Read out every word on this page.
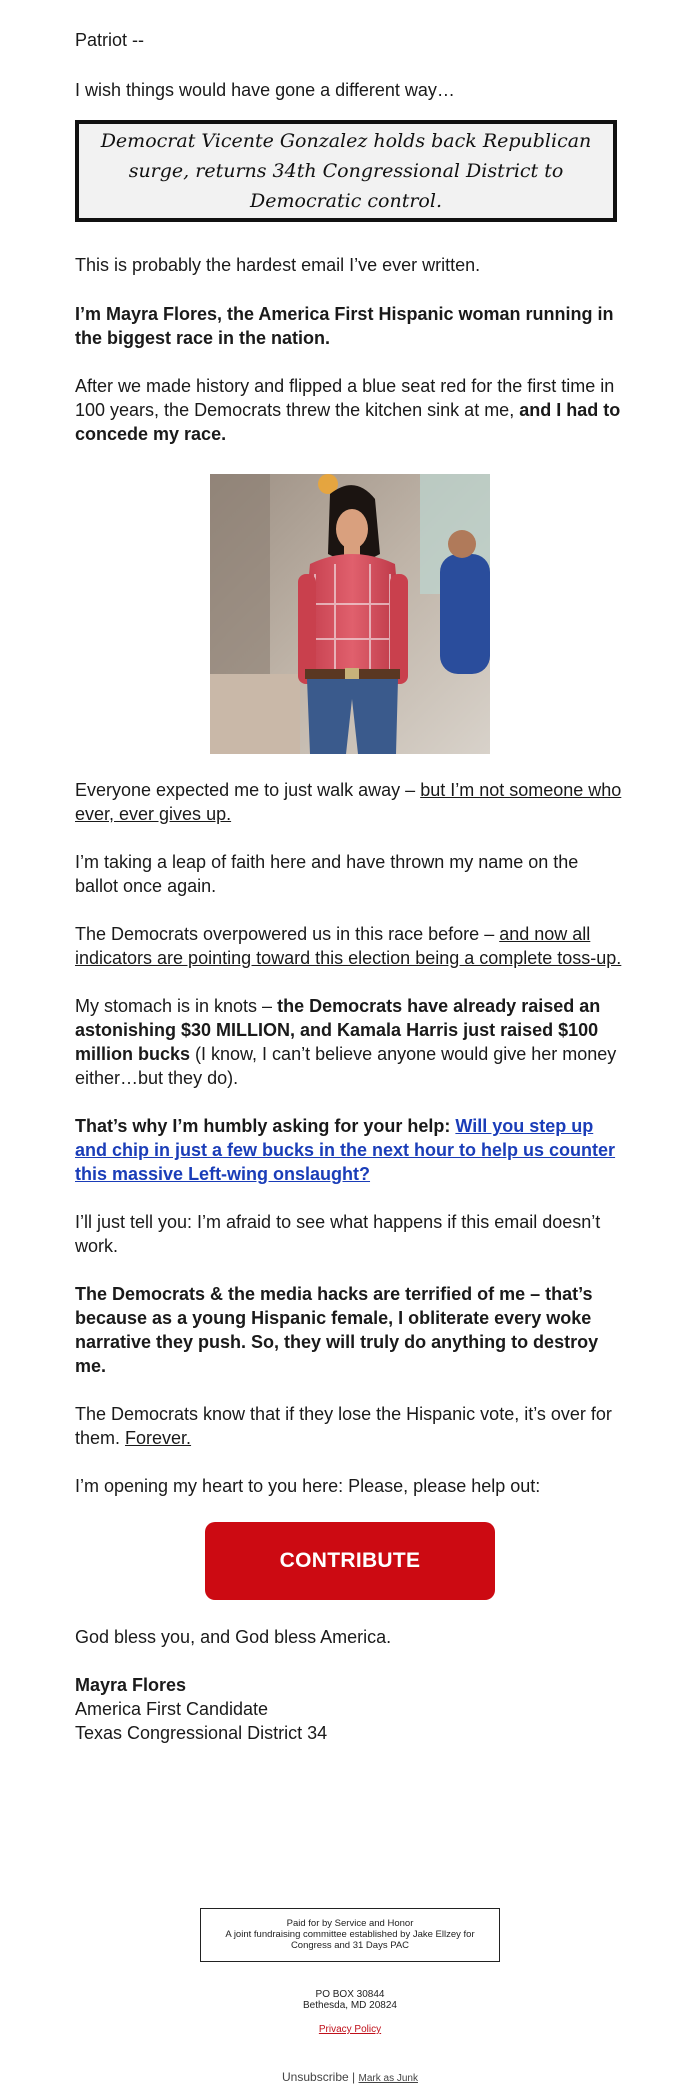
Patriot --

I wish things would have gone a different way…

Democrat Vicente Gonzalez holds back Republican surge, returns 34th Congressional District to Democratic control.

This is probably the hardest email I’ve ever written.

I’m Mayra Flores, the America First Hispanic woman running in the biggest race in the nation.

After we made history and flipped a blue seat red for the first time in 100 years, the Democrats threw the kitchen sink at me, and I had to concede my race.

Everyone expected me to just walk away – but I’m not someone who ever, ever gives up.

I’m taking a leap of faith here and have thrown my name on the ballot once again.

The Democrats overpowered us in this race before – and now all indicators are pointing toward this election being a complete toss-up.

My stomach is in knots – the Democrats have already raised an astonishing $30 MILLION, and Kamala Harris just raised $100 million bucks (I know, I can’t believe anyone would give her money either…but they do).

That’s why I’m humbly asking for your help: Will you step up and chip in just a few bucks in the next hour to help us counter this massive Left-wing onslaught?

I’ll just tell you: I’m afraid to see what happens if this email doesn’t work.

The Democrats & the media hacks are terrified of me – that’s because as a young Hispanic female, I obliterate every woke narrative they push. So, they will truly do anything to destroy me.

The Democrats know that if they lose the Hispanic vote, it’s over for them. Forever.

I’m opening my heart to you here: Please, please help out:

CONTRIBUTE

God bless you, and God bless America.

Mayra Flores

America First Candidate

Texas Congressional District 34

Paid for by Service and Honor
A joint fundraising committee established by Jake Ellzey for Congress and 31 Days PAC
PO BOX 30844
Bethesda, MD 20824
Privacy Policy
Unsubscribe | Mark as Junk
